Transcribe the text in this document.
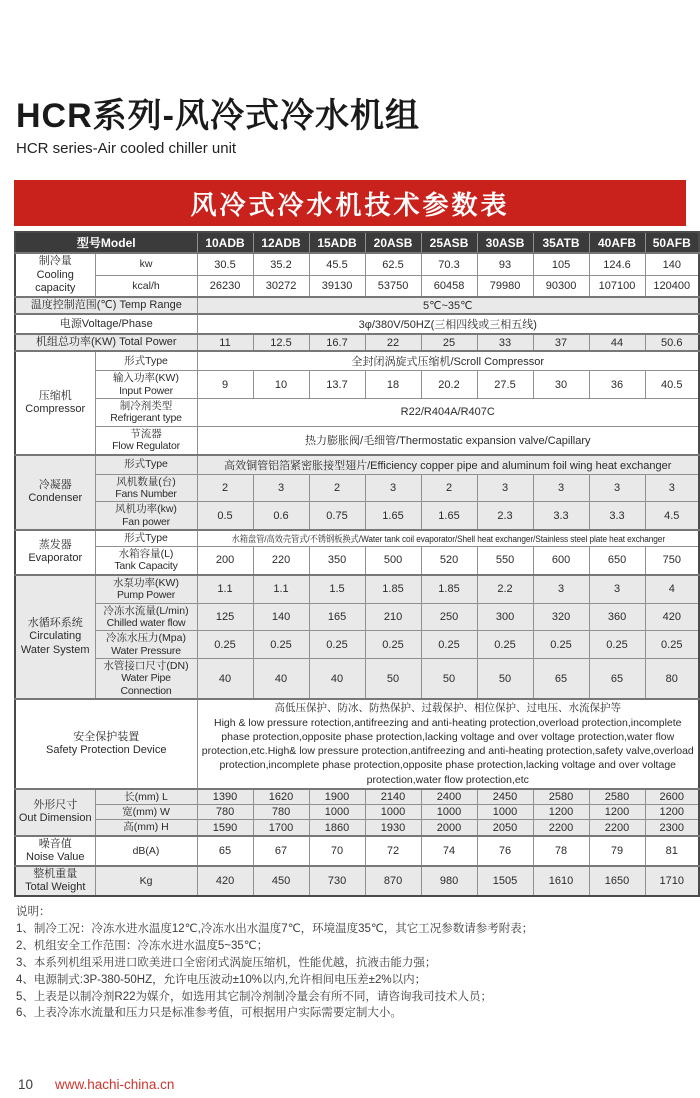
HCR系列-风冷式冷水机组
HCR series-Air cooled chiller unit
风冷式冷水机技术参数表
型号Model		10ADB	12ADB	15ADB	20ASB	25ASB	30ASB	35ATB	40AFB	50AFB

制冷量
Cooling capacity	kw	30.5	35.2	45.5	62.5	70.3	93	105	124.6	140

	kcal/h	26230	30272	39130	53750	60458	79980	90300	107100	120400

温度控制范围(℃) Temp Range		5℃~35℃								

电源Voltage/Phase		3φ/380V/50HZ(三相四线或三相五线)								

机组总功率(KW) Total Power		11	12.5	16.7	22	25	33	37	44	50.6

压缩机
Compressor	形式Type	全封闭涡旋式压缩机/Scroll Compressor								

	输入功率(KW)
Input Power	9	10	13.7	18	20.2	27.5	30	36	40.5

	制冷剂类型
Refrigerant type	R22/R404A/R407C								

	节流器
Flow Regulator	热力膨胀阀/毛细管/Thermostatic expansion valve/Capillary								

冷凝器
Condenser	形式Type	高效铜管铝箔紧密胀接型翅片/Efficiency copper pipe and aluminum foil wing heat exchanger								

	风机数量(台)
Fans Number	2	3	2	3	2	3	3	3	3

	风机功率(kw)
Fan power	0.5	0.6	0.75	1.65	1.65	2.3	3.3	3.3	4.5

蒸发器
Evaporator	形式Type	水箱盘管/高效壳管式/不锈钢板换式/Water tank coil evaporator/Shell heat exchanger/Stainless steel plate heat exchanger								

	水箱容量(L)
Tank Capacity	200	220	350	500	520	550	600	650	750

水循环系统
Circulating
Water System

水泵功率(KW)
Pump Power	1.1	1.1	1.5	1.85	1.85	2.2	3	3	4

	冷冻水流量(L/min)
Chilled water flow	125	140	165	210	250	300	320	360	420

	冷冻水压力(Mpa)
Water Pressure	0.25	0.25	0.25	0.25	0.25	0.25	0.25	0.25	0.25

	水管接口尺寸(DN)
Water Pipe Connection	40	40	40	50	50	50	65	65	80

安全保护装置
Safety Protection Device

高低压保护、防冰、防热保护、过载保护、相位保护、过电压、水流保护等
High & low pressure rotection,antifreezing and anti-heating protection,overload protection,incomplete phase protection,opposite phase protection,lacking voltage and over voltage protection,water flow protection,etc.High& low pressure protection,antifreezing and anti-heating protection,safety valve,overload protection,incomplete phase protection,opposite phase protection,lacking voltage and over voltage protection,water flow protection,etc

外形尺寸
Out Dimension	长(mm) L	1390	1620	1900	2140	2400	2450	2580	2580	2600

	宽(mm) W	780	780	1000	1000	1000	1000	1200	1200	1200

	高(mm) H	1590	1700	1860	1930	2000	2050	2200	2200	2300

噪音值
Noise Value	dB(A)	65	67	70	72	74	76	78	79	81

整机重量
Total Weight	Kg	420	450	730	870	980	1505	1610	1650	1710
说明：
1、制冷工况：冷冻水进水温度12℃,冷冻水出水温度7℃，环境温度35℃，其它工况参数请参考附表；
2、机组安全工作范围：冷冻水进水温度5~35℃；
3、本系列机组采用进口欧美进口全密闭式涡旋压缩机，性能优越，抗液击能力强；
4、电源制式:3P-380-50HZ，允许电压波动±10%以内,允许相间电压差±2%以内；
5、上表是以制冷剂R22为媒介，如选用其它制冷剂制冷量会有所不同，请咨询我司技术人员；
6、上表冷冻水流量和压力只是标准参考值，可根据用户实际需要定制大小。
10 www.hachi-china.cn
